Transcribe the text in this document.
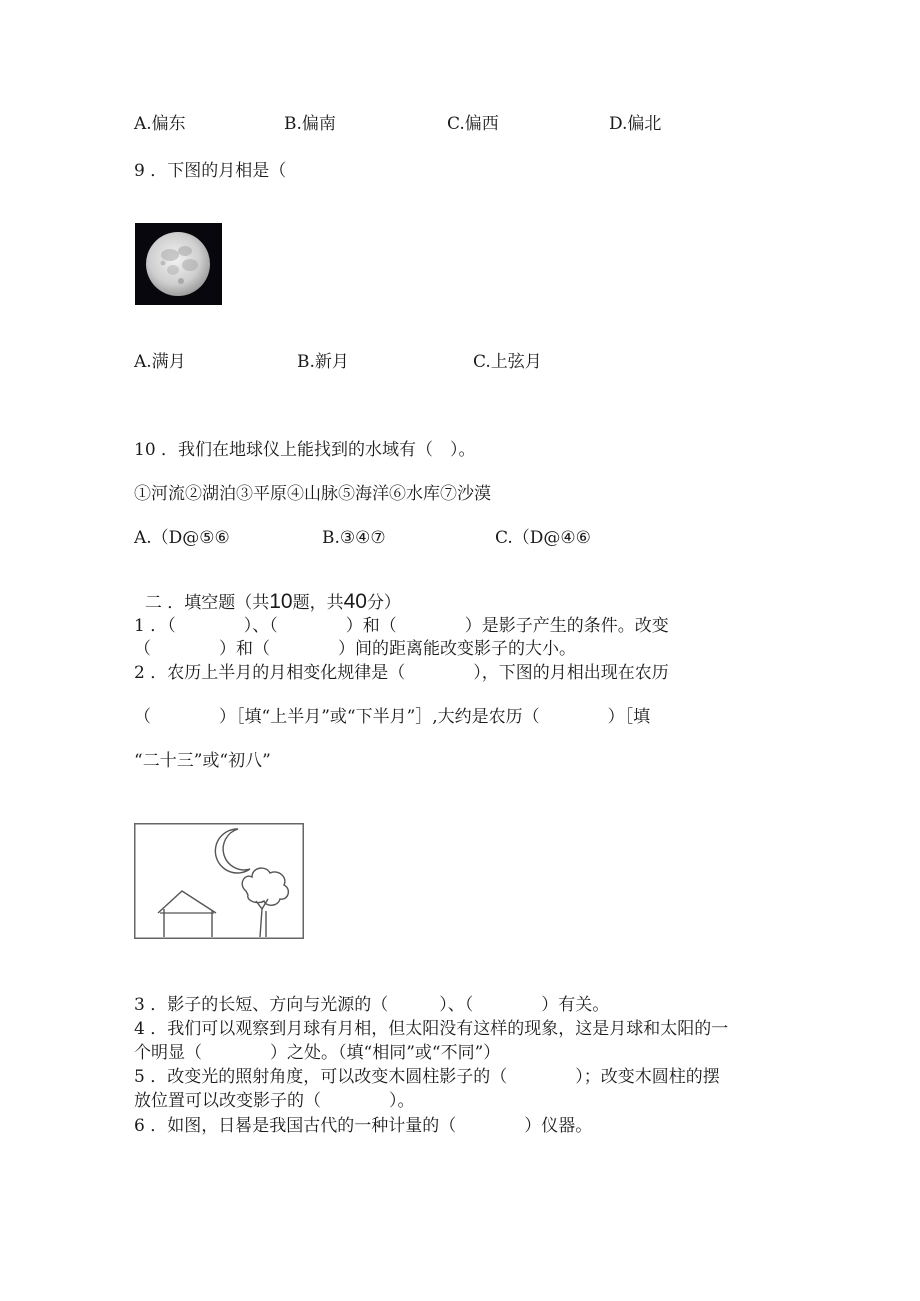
A.偏东	B.偏南	C.偏西	D.偏北
9 ．下图的月相是（
A.满月	B.新月	C.上弦月
10 ．我们在地球仪上能找到的水域有（　）。
①河流②湖泊③平原④山脉⑤海洋⑥水库⑦沙漠
A.（D@⑤⑥	B.③④⑦	C.（D@④⑥

二 ．填空题（共10题，共40分）

1 ．（　　　　）、（　　　　）和（　　　　）是影子产生的条件。改变
（　　　　）和（　　　　）间的距离能改变影子的大小。
2 ．农历上半月的月相变化规律是（　　　　），下图的月相出现在农历
（　　　　）［填“上半月”或“下半月”］,大约是农历（　　　　）［填
“二十三”或“初八”
3 ．影子的长短、方向与光源的（　　　）、（　　　　）有关。
4 ．我们可以观察到月球有月相，但太阳没有这样的现象，这是月球和太阳的一
个明显（　　　　）之处。（填“相同”或“不同”）
5 ．改变光的照射角度，可以改变木圆柱影子的（　　　　）；改变木圆柱的摆
放位置可以改变影子的（　　　　）。
6 ．如图，日晷是我国古代的一种计量的（　　　　）仪器。
